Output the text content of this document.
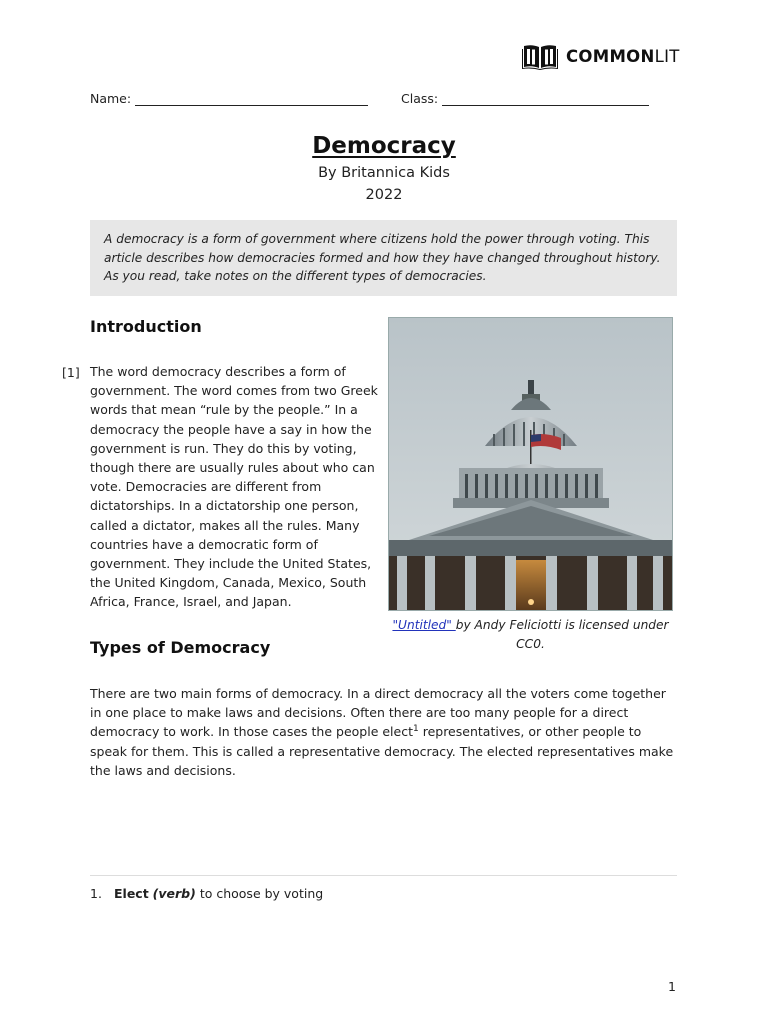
COMMONLIT
Name:	Class:
Democracy
By Britannica Kids
2022
A democracy is a form of government where citizens hold the power through voting. This article describes how democracies formed and how they have changed throughout history. As you read, take notes on the different types of democracies.
Introduction
[1] The word democracy describes a form of government. The word comes from two Greek words that mean “rule by the people.” In a democracy the people have a say in how the government is run. They do this by voting, though there are usually rules about who can vote. Democracies are different from dictatorships. In a dictatorship one person, called a dictator, makes all the rules. Many countries have a democratic form of government. They include the United States, the United Kingdom, Canada, Mexico, South Africa, France, Israel, and Japan.
"Untitled" by Andy Feliciotti is licensed under CC0.
Types of Democracy
There are two main forms of democracy. In a direct democracy all the voters come together in one place to make laws and decisions. Often there are too many people for a direct democracy to work. In those cases the people elect$^1$ representatives, or other people to speak for them. This is called a representative democracy. The elected representatives make the laws and decisions.
1. Elect (verb) to choose by voting
1
